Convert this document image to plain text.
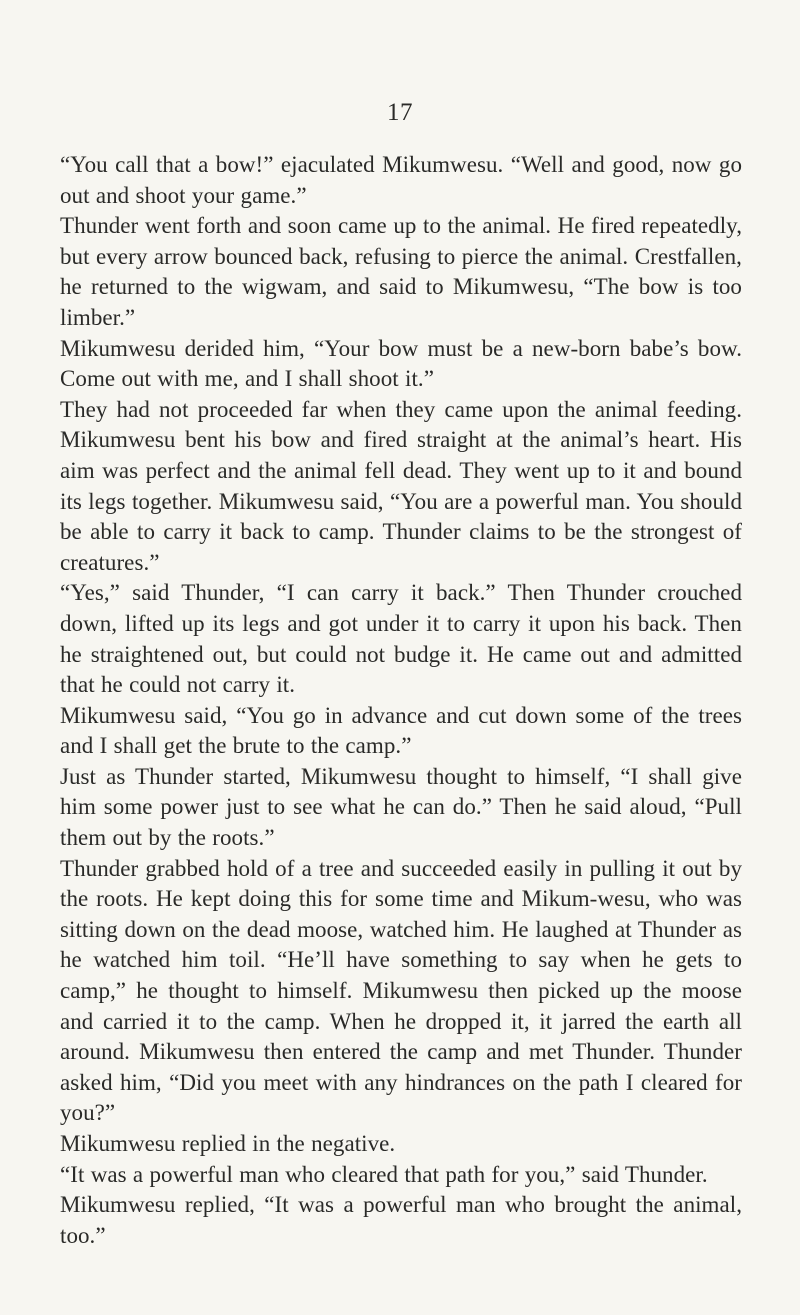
17

“You call that a bow!” ejaculated Mikumwesu. “Well and good, now go out and shoot your game.”

Thunder went forth and soon came up to the animal. He fired repeatedly, but every arrow bounced back, refusing to pierce the animal. Crestfallen, he returned to the wigwam, and said to Mikumwesu, “The bow is too limber.”

Mikumwesu derided him, “Your bow must be a new-born babe’s bow. Come out with me, and I shall shoot it.”

They had not proceeded far when they came upon the animal feeding. Mikumwesu bent his bow and fired straight at the animal’s heart. His aim was perfect and the animal fell dead. They went up to it and bound its legs together. Mikumwesu said, “You are a powerful man. You should be able to carry it back to camp. Thunder claims to be the strongest of creatures.”

“Yes,” said Thunder, “I can carry it back.” Then Thunder crouched down, lifted up its legs and got under it to carry it upon his back. Then he straightened out, but could not budge it. He came out and admitted that he could not carry it.

Mikumwesu said, “You go in advance and cut down some of the trees and I shall get the brute to the camp.”

Just as Thunder started, Mikumwesu thought to himself, “I shall give him some power just to see what he can do.” Then he said aloud, “Pull them out by the roots.”

Thunder grabbed hold of a tree and succeeded easily in pulling it out by the roots. He kept doing this for some time and Mikum-wesu, who was sitting down on the dead moose, watched him. He laughed at Thunder as he watched him toil. “He’ll have something to say when he gets to camp,” he thought to himself. Mikumwesu then picked up the moose and carried it to the camp. When he dropped it, it jarred the earth all around. Mikumwesu then entered the camp and met Thunder. Thunder asked him, “Did you meet with any hindrances on the path I cleared for you?”

Mikumwesu replied in the negative.

“It was a powerful man who cleared that path for you,” said Thunder.

Mikumwesu replied, “It was a powerful man who brought the animal, too.”
